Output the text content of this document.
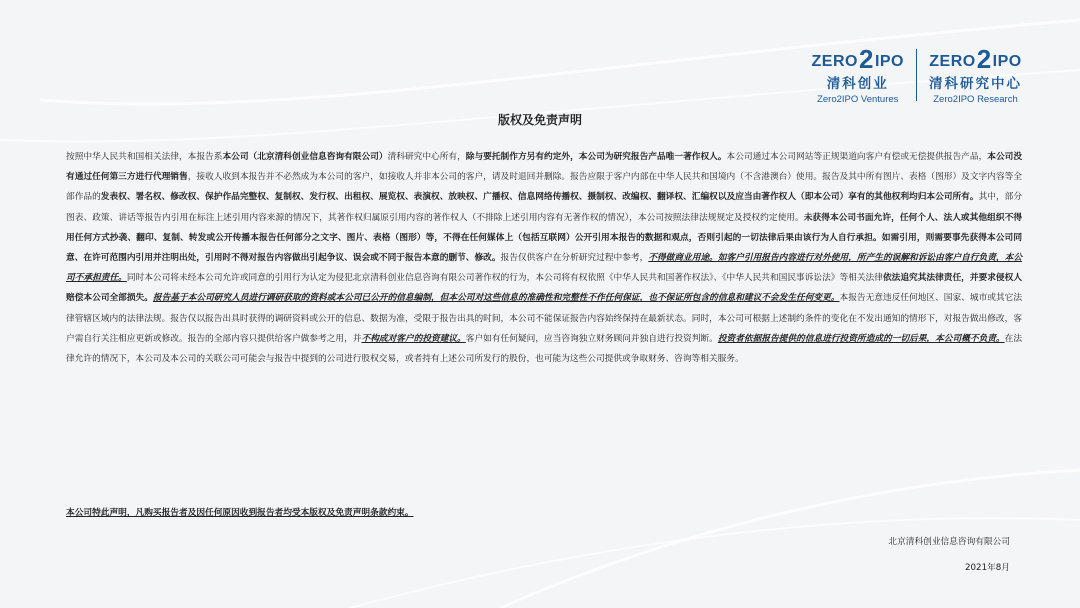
ZERO 2 IPO
清科创业
Zero2IPO Ventures
ZERO 2 IPO
清科研究中心
Zero2IPO Research
版权及免责声明

按照中华人民共和国相关法律，本报告系本公司（北京清科创业信息咨询有限公司）清科研究中心所有，除与要托制作方另有约定外，本公司为研究报告产品唯一著作权人。本公司通过本公司网站等正规渠道向客户有偿或无偿提供报告产品，本公司没有通过任何第三方进行代理销售，接收人收到本报告并不必然成为本公司的客户，如接收人并非本公司的客户，请及时退回并删除。报告应限于客户内部在中华人民共和国境内（不含港澳台）使用。报告及其中所有图片、表格（图形）及文字内容等全部作品的发表权、署名权、修改权、保护作品完整权、复制权、发行权、出租权、展览权、表演权、放映权、广播权、信息网络传播权、摄制权、改编权、翻译权、汇编权以及应当由著作权人（即本公司）享有的其他权利均归本公司所有。其中，部分图表、政策、讲话等报告内引用在标注上述引用内容来源的情况下，其著作权归属原引用内容的著作权人（不排除上述引用内容有无著作权的情况），本公司按照法律法规规定及授权约定使用。未获得本公司书面允许，任何个人、法人或其他组织不得用任何方式抄袭、翻印、复制、转发或公开传播本报告任何部分之文字、图片、表格（图形）等，不得在任何媒体上（包括互联网）公开引用本报告的数据和观点，否则引起的一切法律后果由该行为人自行承担。如需引用，则需要事先获得本公司同意、在许可范围内引用并注明出处，引用时不得对报告内容做出引起争议、误会或不同于报告本意的删节、修改。报告仅供客户在分析研究过程中参考，不得做商业用途。如客户引用报告内容进行对外使用，所产生的误解和诉讼由客户自行负责，本公司不承担责任。同时本公司将未经本公司允许或同意的引用行为认定为侵犯北京清科创业信息咨询有限公司著作权的行为，本公司将有权依照《中华人民共和国著作权法》、《中华人民共和国民事诉讼法》等相关法律依法追究其法律责任，并要求侵权人赔偿本公司全部损失。报告基于本公司研究人员进行调研获取的资料或本公司已公开的信息编制，但本公司对这些信息的准确性和完整性不作任何保证，也不保证所包含的信息和建议不会发生任何变更。本报告无意违反任何地区、国家、城市或其它法律管辖区域内的法律法规。报告仅以报告出具时获得的调研资料或公开的信息、数据为准，受限于报告出具的时间，本公司不能保证报告内容始终保持在最新状态。同时，本公司可根据上述制约条件的变化在不发出通知的情形下，对报告做出修改，客户需自行关注相应更新或修改。报告的全部内容只提供给客户做参考之用，并不构成对客户的投资建议。客户如有任何疑问，应当咨询独立财务顾问并独自进行投资判断。投资者依据报告提供的信息进行投资所造成的一切后果，本公司概不负责。在法律允许的情况下，本公司及本公司的关联公司可能会与报告中提到的公司进行股权交易，或者持有上述公司所发行的股份，也可能为这些公司提供或争取财务、咨询等相关服务。

本公司特此声明，凡购买报告者及因任何原因收到报告者均受本版权及免责声明条款约束。

北京清科创业信息咨询有限公司
2021年8月
